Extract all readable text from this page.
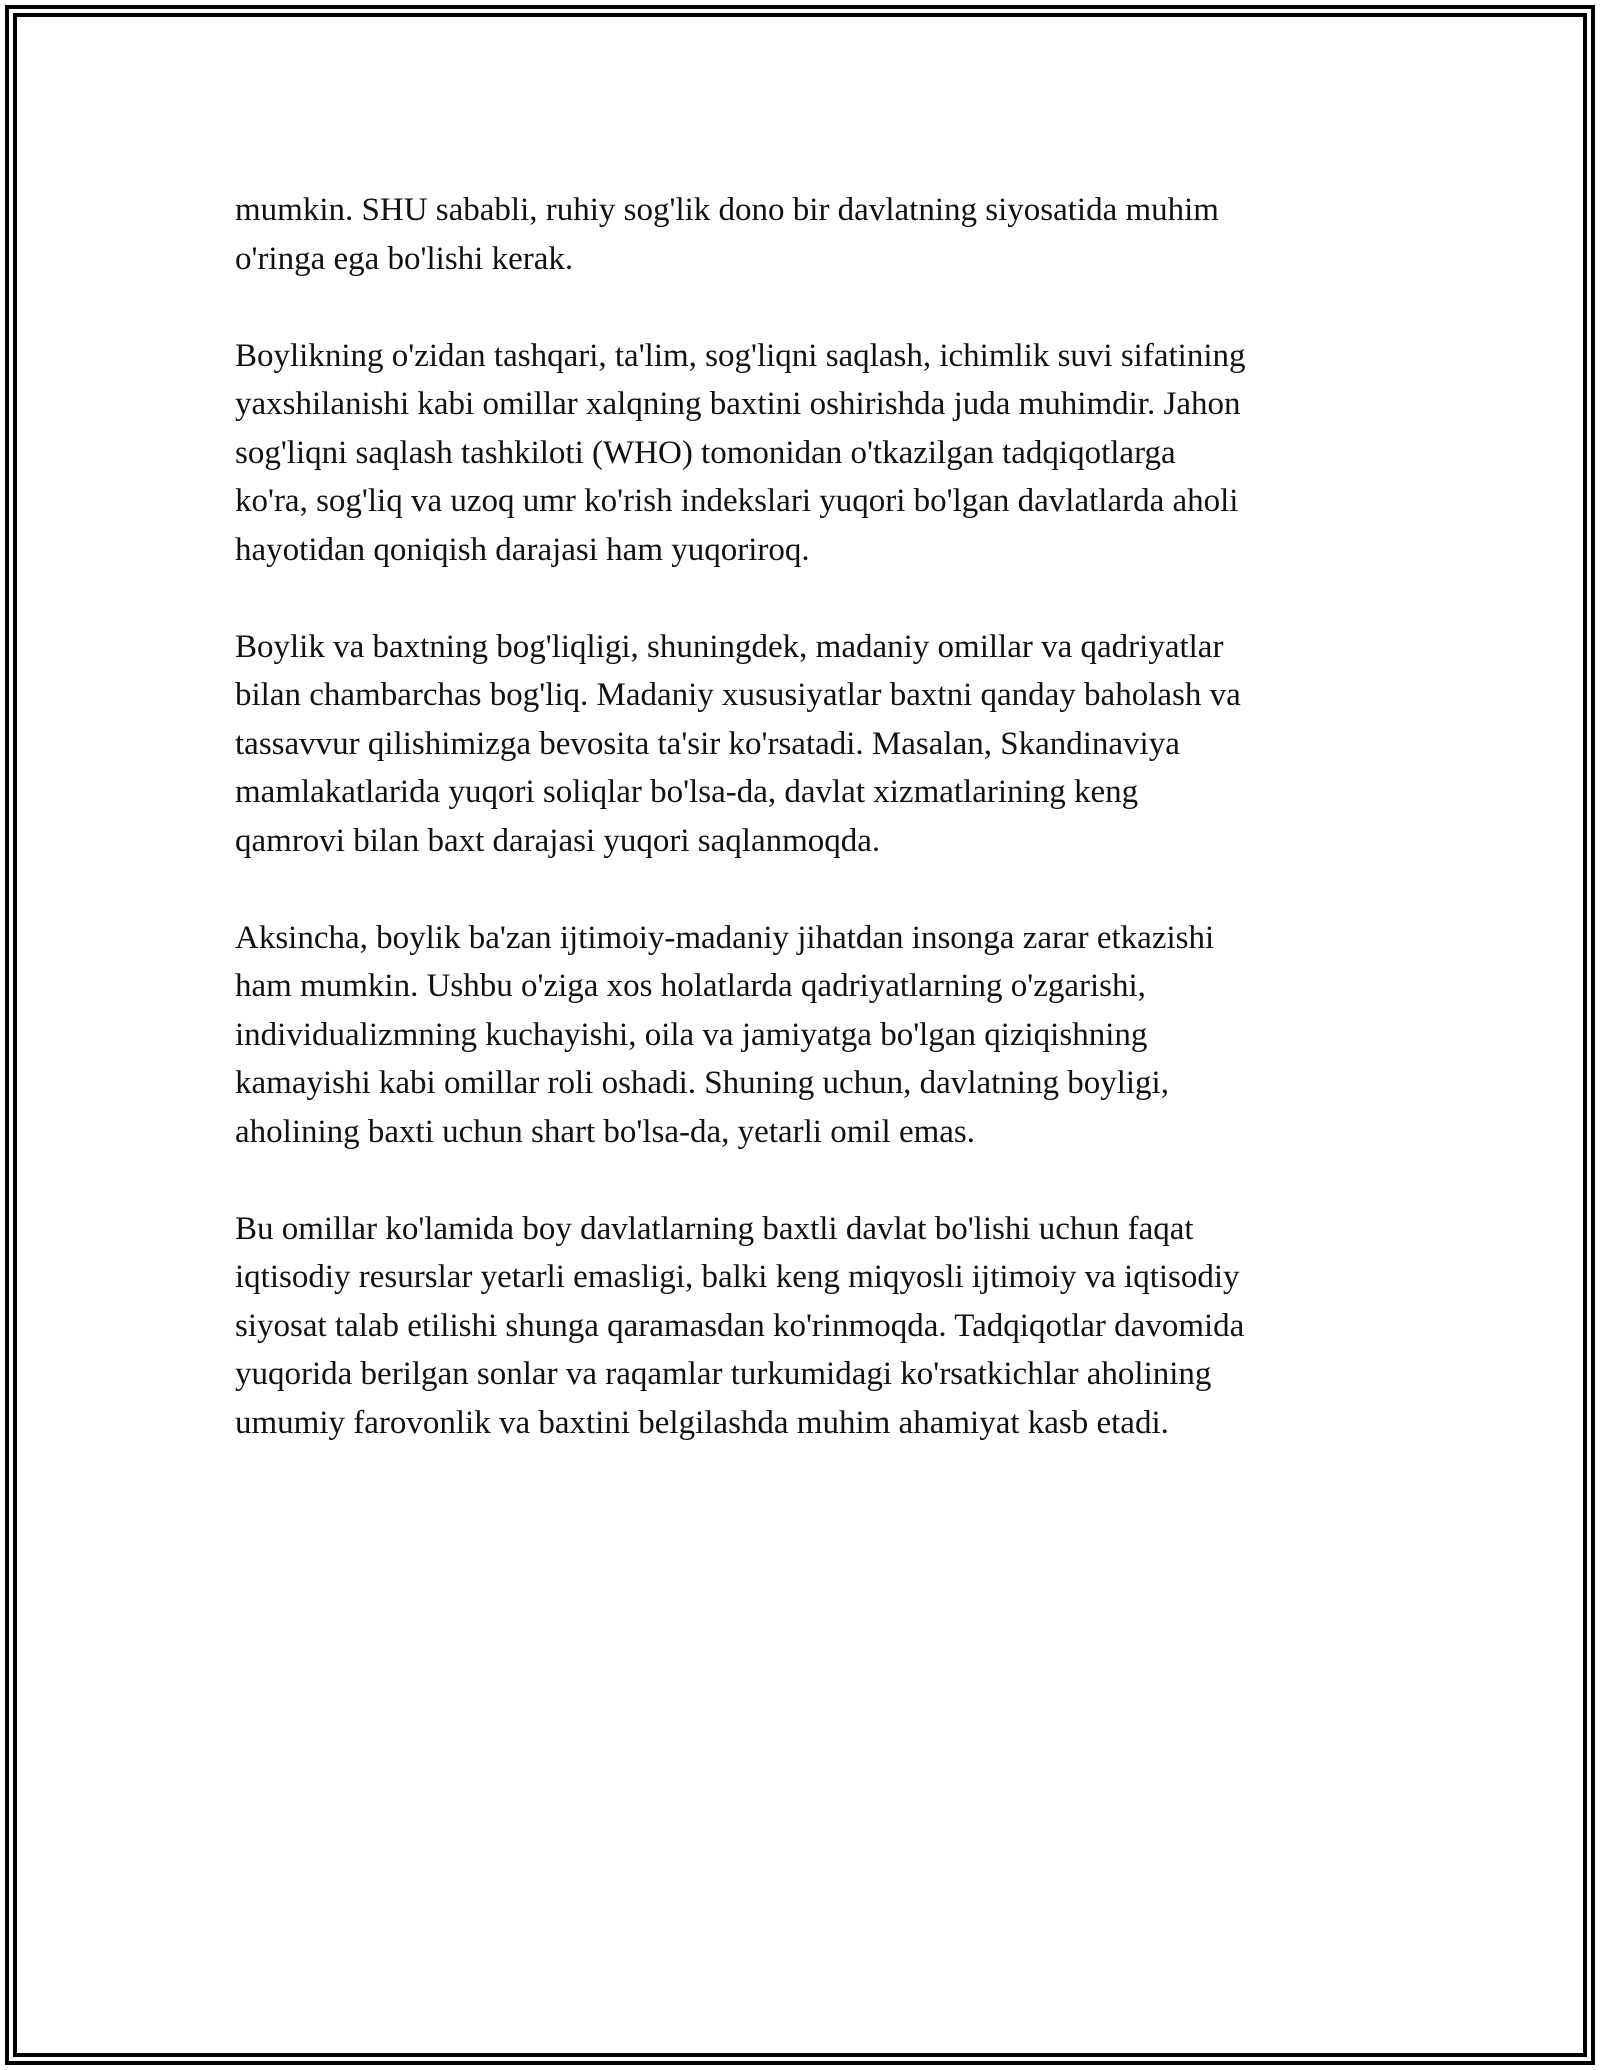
mumkin. SHU sababli, ruhiy sog'lik dono bir davlatning siyosatida muhim
o'ringa ega bo'lishi kerak.

Boylikning o'zidan tashqari, ta'lim, sog'liqni saqlash, ichimlik suvi sifatining
yaxshilanishi kabi omillar xalqning baxtini oshirishda juda muhimdir. Jahon
sog'liqni saqlash tashkiloti (WHO) tomonidan o'tkazilgan tadqiqotlarga
ko'ra, sog'liq va uzoq umr ko'rish indekslari yuqori bo'lgan davlatlarda aholi
hayotidan qoniqish darajasi ham yuqoriroq.

Boylik va baxtning bog'liqligi, shuningdek, madaniy omillar va qadriyatlar
bilan chambarchas bog'liq. Madaniy xususiyatlar baxtni qanday baholash va
tassavvur qilishimizga bevosita ta'sir ko'rsatadi. Masalan, Skandinaviya
mamlakatlarida yuqori soliqlar bo'lsa-da, davlat xizmatlarining keng
qamrovi bilan baxt darajasi yuqori saqlanmoqda.

Aksincha, boylik ba'zan ijtimoiy-madaniy jihatdan insonga zarar etkazishi
ham mumkin. Ushbu o'ziga xos holatlarda qadriyatlarning o'zgarishi,
individualizmning kuchayishi, oila va jamiyatga bo'lgan qiziqishning
kamayishi kabi omillar roli oshadi. Shuning uchun, davlatning boyligi,
aholining baxti uchun shart bo'lsa-da, yetarli omil emas.

Bu omillar ko'lamida boy davlatlarning baxtli davlat bo'lishi uchun faqat
iqtisodiy resurslar yetarli emasligi, balki keng miqyosli ijtimoiy va iqtisodiy
siyosat talab etilishi shunga qaramasdan ko'rinmoqda. Tadqiqotlar davomida
yuqorida berilgan sonlar va raqamlar turkumidagi ko'rsatkichlar aholining
umumiy farovonlik va baxtini belgilashda muhim ahamiyat kasb etadi.
